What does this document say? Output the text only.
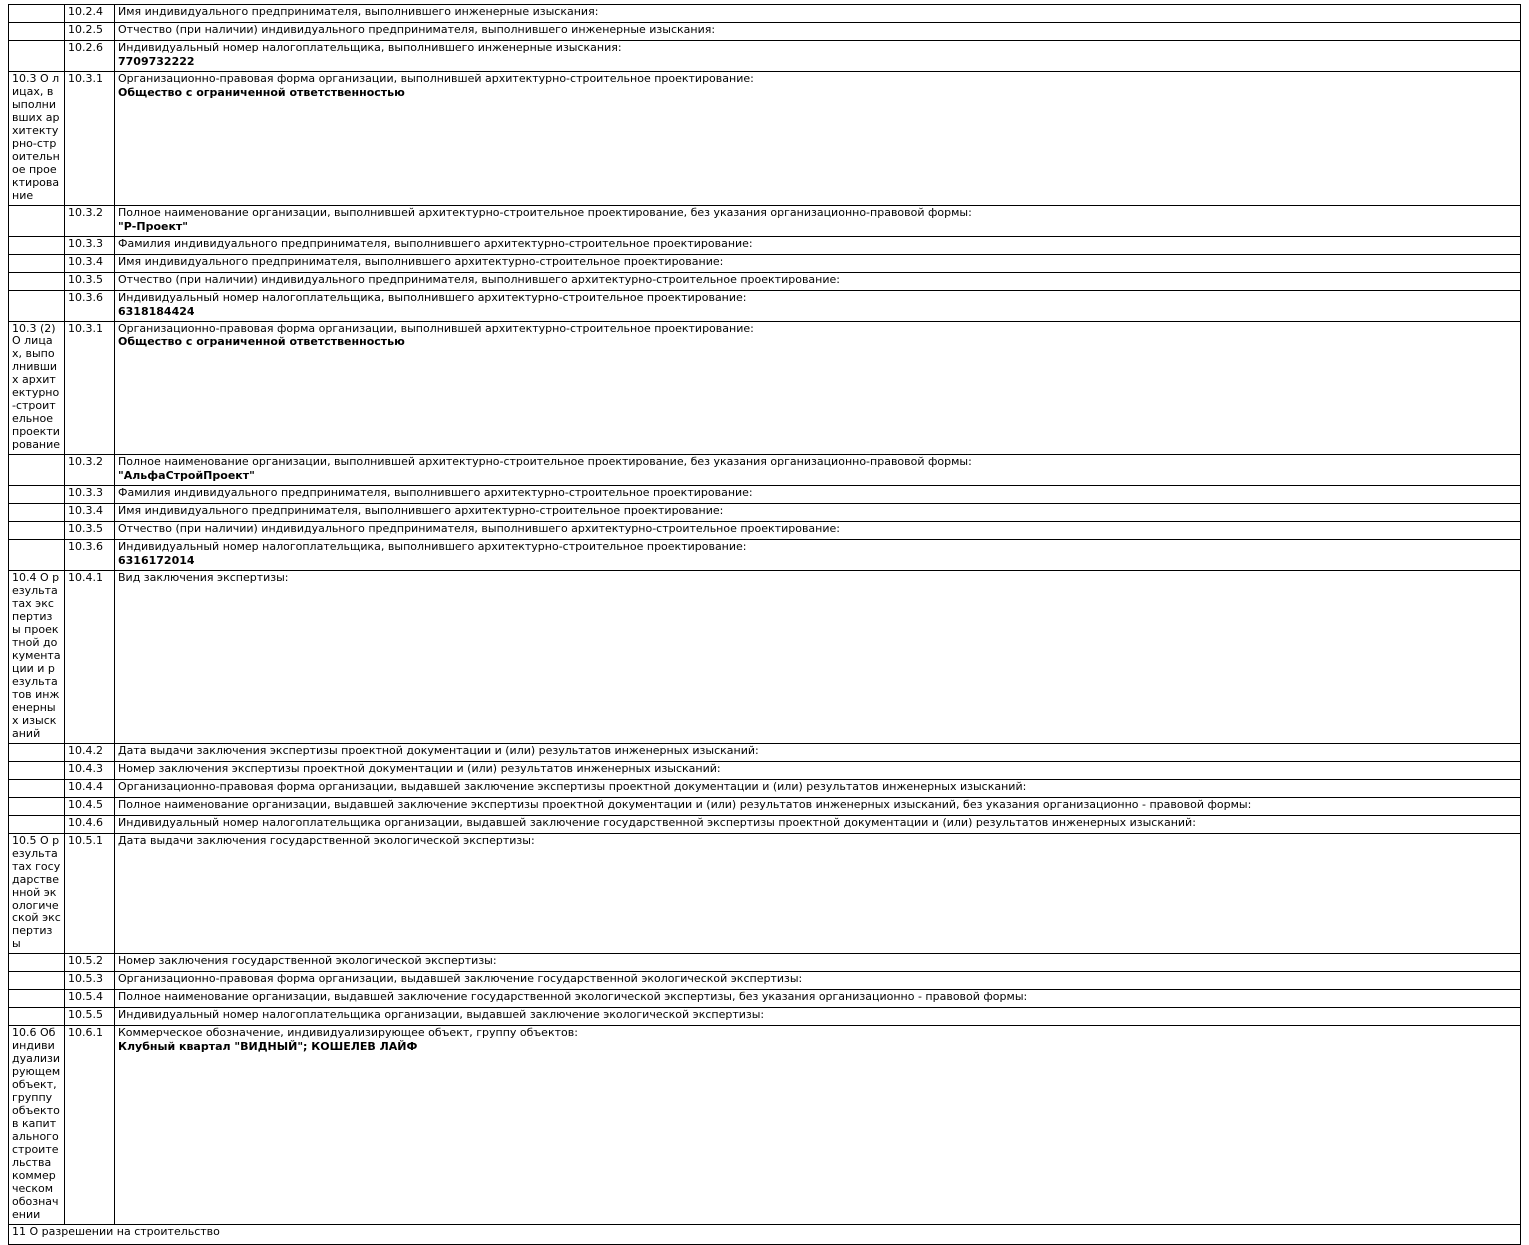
	10.2.4	Имя индивидуального предпринимателя, выполнившего инженерные изыскания:

	10.2.5	Отчество (при наличии) индивидуального предпринимателя, выполнившего инженерные изыскания:

	10.2.6	Индивидуальный номер налогоплательщика, выполнившего инженерные изыскания:
7709732222

10.3 О лицах, выполнивших архитектурно-строительное проектирование	10.3.1	Организационно-правовая форма организации, выполнившей архитектурно-строительное проектирование:
Общество с ограниченной ответственностью

	10.3.2	Полное наименование организации, выполнившей архитектурно-строительное проектирование, без указания организационно-правовой формы:
"Р-Проект"

	10.3.3	Фамилия индивидуального предпринимателя, выполнившего архитектурно-строительное проектирование:

	10.3.4	Имя индивидуального предпринимателя, выполнившего архитектурно-строительное проектирование:

	10.3.5	Отчество (при наличии) индивидуального предпринимателя, выполнившего архитектурно-строительное проектирование:

	10.3.6	Индивидуальный номер налогоплательщика, выполнившего архитектурно-строительное проектирование:
6318184424

10.3 (2) О лицах, выполнивших архитектурно-строительное проектирование	10.3.1	Организационно-правовая форма организации, выполнившей архитектурно-строительное проектирование:
Общество с ограниченной ответственностью

	10.3.2	Полное наименование организации, выполнившей архитектурно-строительное проектирование, без указания организационно-правовой формы:
"АльфаСтройПроект"

	10.3.3	Фамилия индивидуального предпринимателя, выполнившего архитектурно-строительное проектирование:

	10.3.4	Имя индивидуального предпринимателя, выполнившего архитектурно-строительное проектирование:

	10.3.5	Отчество (при наличии) индивидуального предпринимателя, выполнившего архитектурно-строительное проектирование:

	10.3.6	Индивидуальный номер налогоплательщика, выполнившего архитектурно-строительное проектирование:
6316172014

10.4 О результатах экспертизы проектной документации и результатов инженерных изысканий	10.4.1	Вид заключения экспертизы:

	10.4.2	Дата выдачи заключения экспертизы проектной документации и (или) результатов инженерных изысканий:

	10.4.3	Номер заключения экспертизы проектной документации и (или) результатов инженерных изысканий:

	10.4.4	Организационно-правовая форма организации, выдавшей заключение экспертизы проектной документации и (или) результатов инженерных изысканий:

	10.4.5	Полное наименование организации, выдавшей заключение экспертизы проектной документации и (или) результатов инженерных изысканий, без указания организационно - правовой формы:

	10.4.6	Индивидуальный номер налогоплательщика организации, выдавшей заключение государственной экспертизы проектной документации и (или) результатов инженерных изысканий:

10.5 О результатах государственной экологической экспертизы	10.5.1	Дата выдачи заключения государственной экологической экспертизы:

	10.5.2	Номер заключения государственной экологической экспертизы:

	10.5.3	Организационно-правовая форма организации, выдавшей заключение государственной экологической экспертизы:

	10.5.4	Полное наименование организации, выдавшей заключение государственной экологической экспертизы, без указания организационно - правовой формы:

	10.5.5	Индивидуальный номер налогоплательщика организации, выдавшей заключение экологической экспертизы:

10.6 Об индивидуализирующем объект, группу объектов капитального строительства коммерческом обозначении	10.6.1	Коммерческое обозначение, индивидуализирующее объект, группу объектов:
Клубный квартал "ВИДНЫЙ"; КОШЕЛЕВ ЛАЙФ

11 О разрешении на строительство		
